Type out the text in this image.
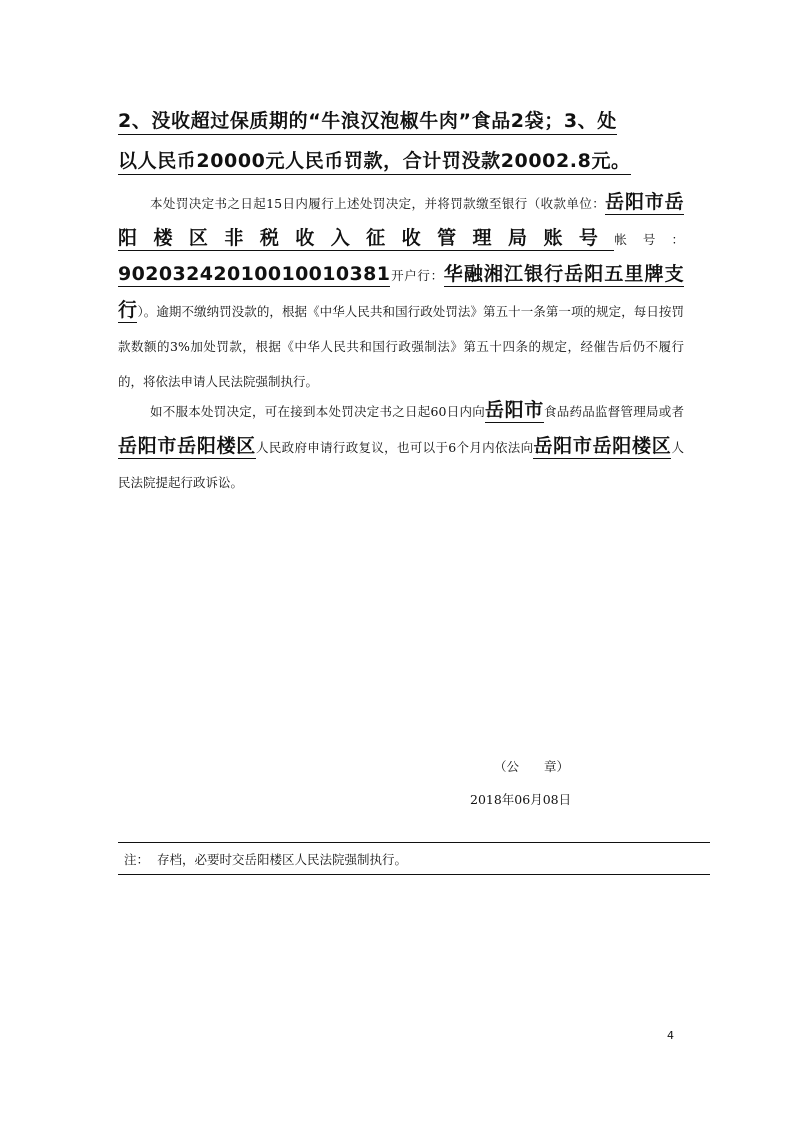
2、没收超过保质期的“牛浪汉泡椒牛肉”食品2袋；3、处
以人民币20000元人民币罚款，合计罚没款20002.8元。

本处罚决定书之日起15日内履行上述处罚决定，并将罚款缴至银行（收款单位：岳阳市岳阳楼区非税收入征收管理局账号帐号：90203242010010010381开户行：华融湘江银行岳阳五里牌支行）。逾期不缴纳罚没款的，根据《中华人民共和国行政处罚法》第五十一条第一项的规定，每日按罚款数额的3%加处罚款，根据《中华人民共和国行政强制法》第五十四条的规定，经催告后仍不履行的，将依法申请人民法院强制执行。

如不服本处罚决定，可在接到本处罚决定书之日起60日内向岳阳市食品药品监督管理局或者岳阳市岳阳楼区人民政府申请行政复议，也可以于6个月内依法向岳阳市岳阳楼区人民法院提起行政诉讼。

（公　　章）
2018年06月08日
注：  存档，必要时交岳阳楼区人民法院强制执行。
4
